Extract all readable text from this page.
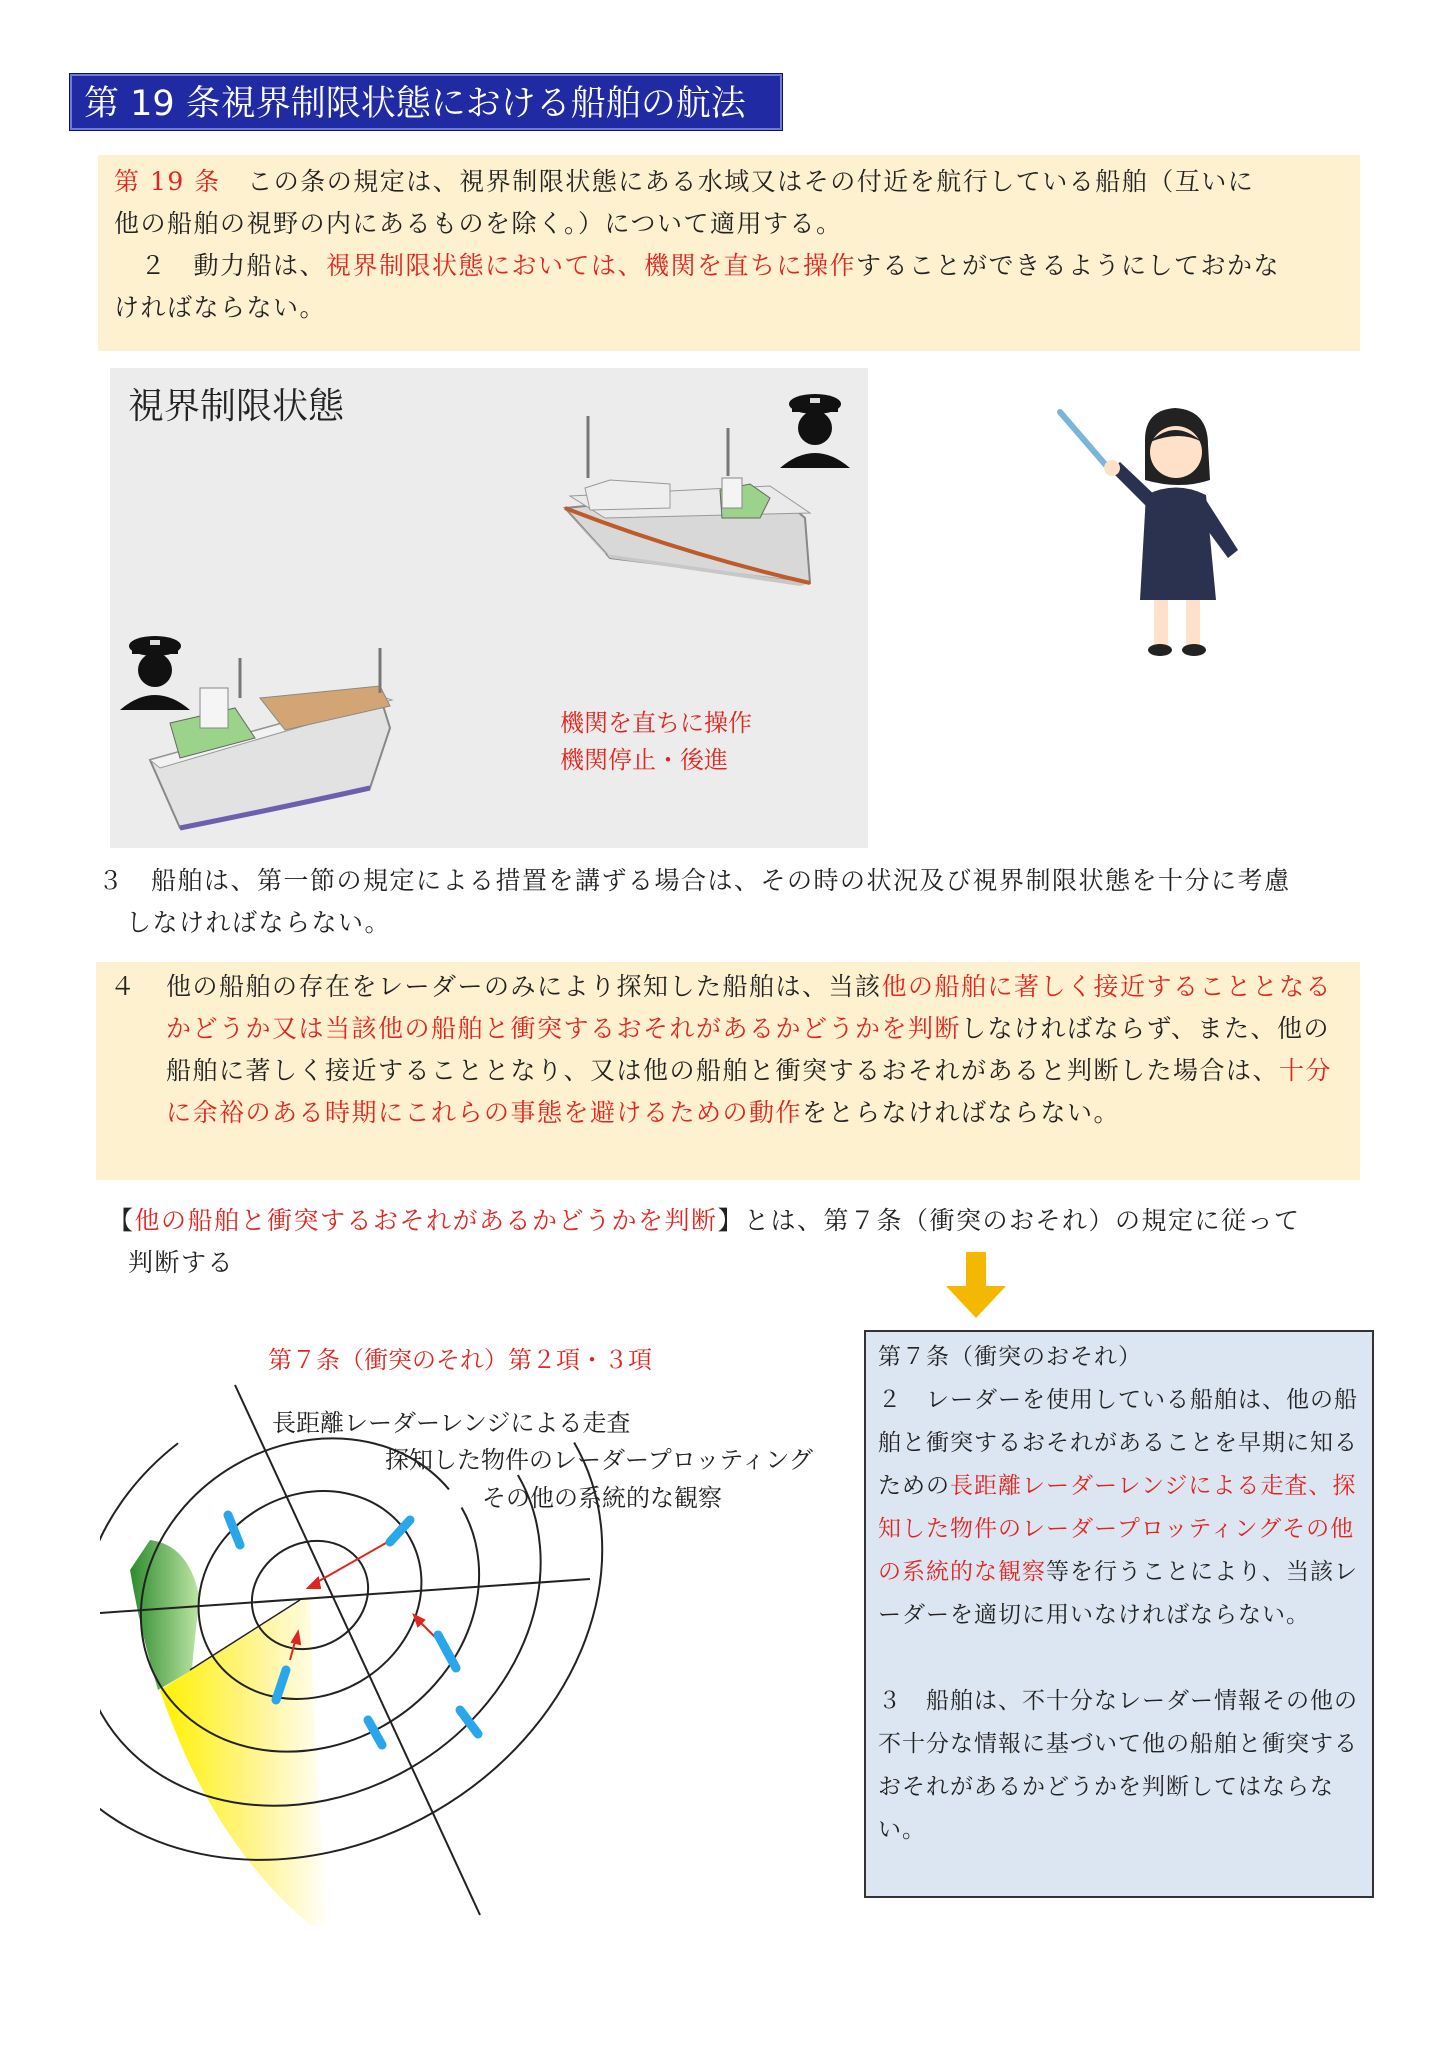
第 19 条視界制限状態における船舶の航法

第 19 条　 この条の規定は、視界制限状態にある水域又はその付近を航行している船舶（互いに

他の船舶の視野の内にあるものを除く。）について適用する。

 ２  動力船は、視界制限状態においては、機関を直ちに操作することができるようにしておかな

ければならない。

視界制限状態
機関を直ちに操作
機関停止・後進
３  船舶は、第一節の規定による措置を講ずる場合は、その時の状況及び視界制限状態を十分に考慮
しなければならない。
４	他の船舶の存在をレーダーのみにより探知した船舶は、当該他の船舶に著しく接近することとなるかどうか又は当該他の船舶と衝突するおそれがあるかどうかを判断しなければならず、また、他の船舶に著しく接近することとなり、又は他の船舶と衝突するおそれがあると判断した場合は、十分に余裕のある時期にこれらの事態を避けるための動作をとらなければならない。
【他の船舶と衝突するおそれがあるかどうかを判断】とは、第７条（衝突のおそれ）の規定に従って
判断する
第７条（衝突のそれ）第２項・３項
長距離レーダーレンジによる走査
探知した物件のレーダープロッティング
その他の系統的な観察
第７条（衝突のおそれ）

２　レーダーを使用している船舶は、他の船舶と衝突するおそれがあることを早期に知るための長距離レーダーレンジによる走査、探知した物件のレーダープロッティングその他の系統的な観察等を行うことにより、当該レーダーを適切に用いなければならない。

３　船舶は、不十分なレーダー情報その他の不十分な情報に基づいて他の船舶と衝突するおそれがあるかどうかを判断してはならない。
